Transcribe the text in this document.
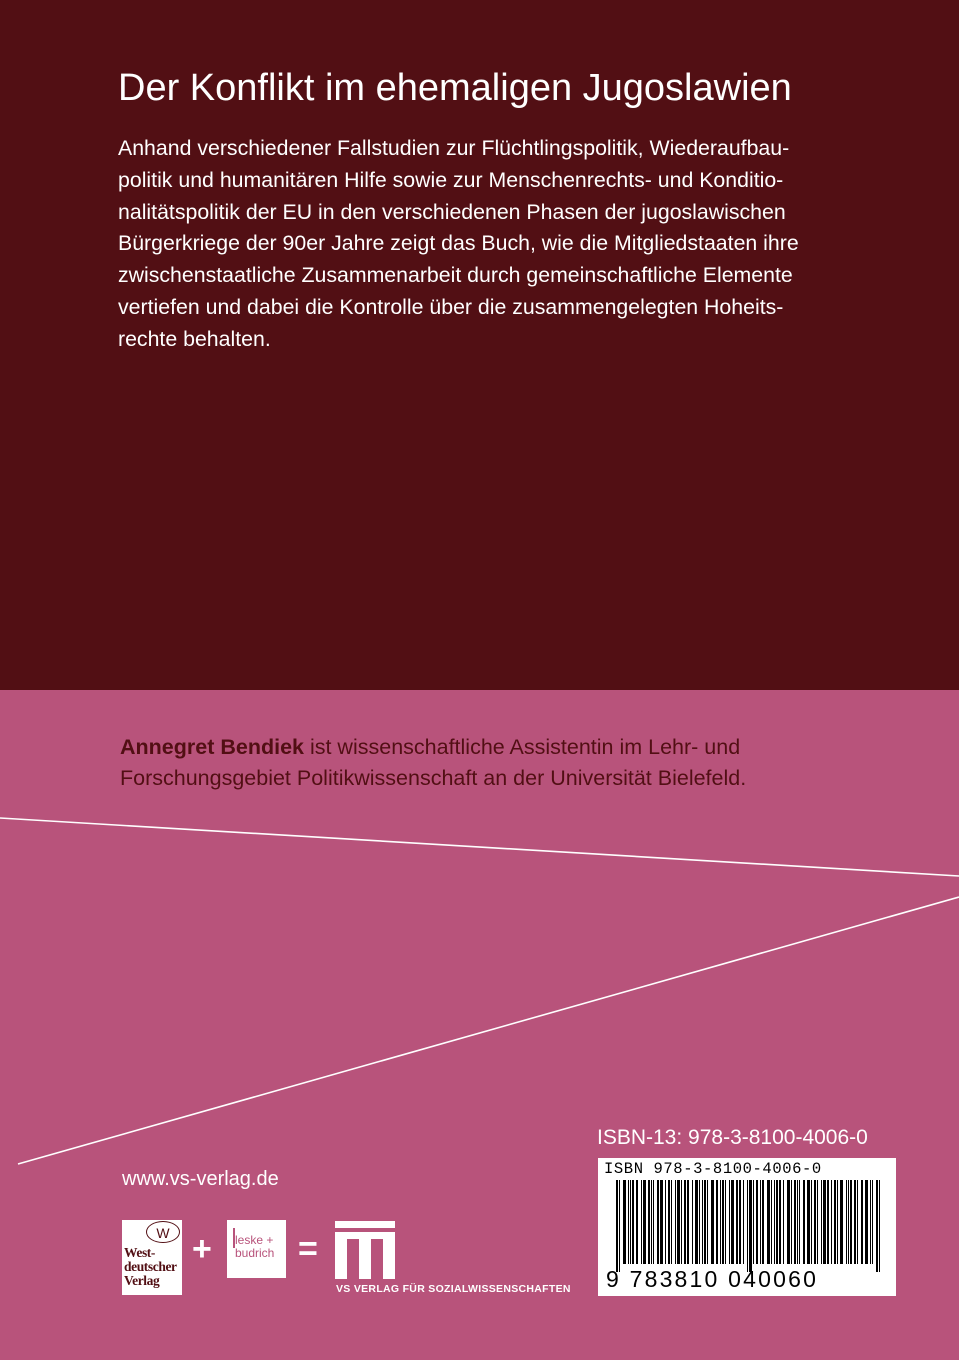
Der Konflikt im ehemaligen Jugoslawien

Anhand verschiedener Fallstudien zur Flüchtlingspolitik, Wiederaufbau-

politik und humanitären Hilfe sowie zur Menschenrechts- und Konditio-

nalitätspolitik der EU in den verschiedenen Phasen der jugoslawischen

Bürgerkriege der 90er Jahre zeigt das Buch, wie die Mitgliedstaaten ihre

zwischenstaatliche Zusammenarbeit durch gemeinschaftliche Elemente

vertiefen und dabei die Kontrolle über die zusammengelegten Hoheits-

rechte behalten.

Annegret Bendiek ist wissenschaftliche Assistentin im Lehr- und

Forschungsgebiet Politikwissenschaft an der Universität Bielefeld.

www.vs-verlag.de
ISBN-13: 978-3-8100-4006-0
ISBN 978-3-8100-4006-0
9 783810 040060
W
West-
deutscher
Verlag
+ leske +
budrich =
VS VERLAG FÜR SOZIALWISSENSCHAFTEN
